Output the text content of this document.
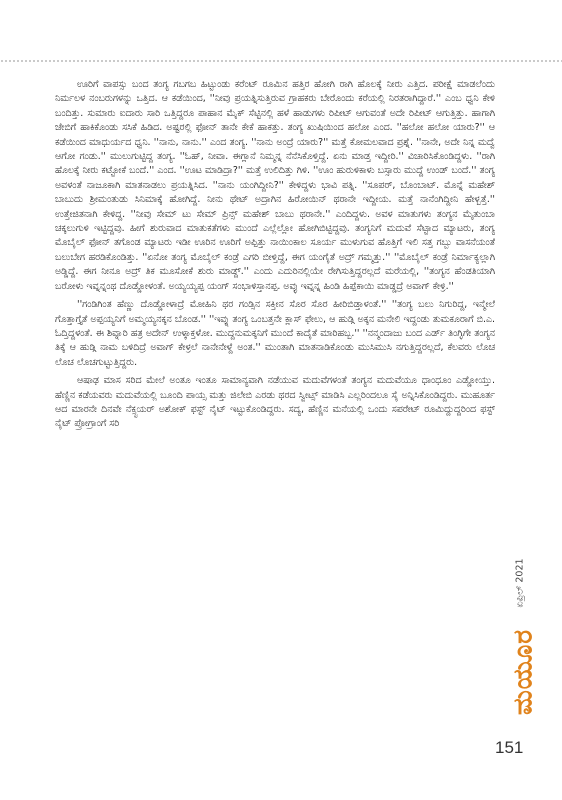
ಊರಿಗೆ ವಾಪಸ್ಸು ಬಂದ ತಂಗ್ಯ ಗಬಗಬ ಹಿಟ್ಟುಂಡು ಕರೆಂಟ್ ರೂಮಿನ ಹತ್ತಿರ ಹೋಗಿ ರಾಗಿ ಹೊಲಕ್ಕೆ ನೀರು ಎತ್ತಿದ. ಪರೀಕ್ಷೆ ಮಾಡಲೆಂದು ನಿರ್ಮಲಳ ನಂಬರುಗಳನ್ನು ಒತ್ತಿದ. ಆ ಕಡೆಯಿಂದ, ''ನೀವು ಪ್ರಯತ್ನಿಸುತ್ತಿರುವ ಗ್ರಾಹಕರು ಬೇರೊಂದು ಕರೆಯಲ್ಲಿ ನಿರತರಾಗಿದ್ದಾರೆ.'' ಎಂಬ ಧ್ವನಿ ಕೇಳಿ ಬಂದಿತ್ತು. ಸುಮಾರು ಐದಾರು ಸಾರಿ ಒತ್ತಿದ್ದರೂ ಪಾಹಾನ ಮೈಕ್ ಸೆಟ್ಟಿನಲ್ಲಿ ಹಳೆ ಹಾಡುಗಳು ರಿಪೀಟ್ ಆಗುವಂತೆ ಅದೇ ರಿಪೀಟ್ ಆಗುತ್ತಿತ್ತು. ಹಾಗಾಗಿ ಜೇಬಿಗೆ ಹಾಕಿಕೊಂಡು ಸಸಿಕೆ ಹಿಡಿದ. ಅಷ್ಟರಲ್ಲಿ ಫೋನ್ ತಾನೇ ಕೇಕೆ ಹಾಕತ್ತು. ತಂಗ್ಯ ಖುಷಿಯಿಂದ ಹಲೋ ಎಂದ. ''ಹಲೋ ಹಲೋ ಯಾರು?'' ಆ ಕಡೆಯಿಂದ ಮಾಧುರ್ಯದ ಧ್ವನಿ. ''ನಾನು, ನಾನು.'' ಎಂದ ತಂಗ್ಯ. ''ನಾನು ಅಂದ್ರೆ ಯಾರು?'' ಮತ್ತೆ ಕೋಮಲವಾದ ಪ್ರಶ್ನೆ. ''ನಾನೇ, ಅದೇ ನಿನ್ನ ಮದ್ವೆ ಆಗೋ ಗಂಡು.'' ಮುಲುಗುಟ್ಟಿದ್ದ ತಂಗ್ಯ. ''ಓಹ್, ನೀವಾ. ಈಗ್ಲಾನೆ ನಿಮ್ಮನ್ನ ನೆನೆಸಿಕೊಳ್ತಿದ್ದೆ. ಏನು ಮಾಡ್ತ ಇದ್ದೀರಿ.'' ವಿಚಾರಿಸಿಕೊಂಡಿದ್ದಳು. ''ರಾಗಿ ಹೊಲಕ್ಕೆ ನೀರು ಕಟ್ಟೋಕೆ ಬಂದೆ.'' ಎಂದ. ''ಊಟ ಮಾಡಿದ್ರಾ?'' ಮತ್ತೆ ಉಲಿದಿತ್ತು ಗಿಳಿ. ''ಊಂ ಹುರುಳಿಕಾಳು ಬಸ್ಸಾರು ಮುದ್ದೆ ಉಂಡ್ ಬಂದೆ.'' ತಂಗ್ಯ ಅವಳಂತೆ ನಾಜೂಕಾಗಿ ಮಾತನಾಡಲು ಪ್ರಯತ್ನಿಸಿದ. ''ನಾನು ಯಂಗಿದ್ದೀನಿ?'' ಕೇಳಿದ್ದಳು ಭಾವಿ ಪತ್ನಿ. ''ಸೂಪರ್, ಬೊಂಬಾಟ್. ಮೊನ್ನೆ ಮಹೇಶ್ ಬಾಬುದು ಶ್ರೀಮಂತುಡು ಸಿನಿಮಾಕ್ಕೆ ಹೋಗಿದ್ದೆ. ನೀನು ಥೇಟ್ ಅದ್ರಾಗಿನ ಹಿರೋಯಿನ್ ಥರಾನೇ ಇದ್ದೀಯ. ಮತ್ತೆ ನಾನೆಂಗಿದ್ದೀನಿ ಹೇಳ್ಬತ್ತೆ.'' ಉತ್ತೇಜಿತನಾಗಿ ಕೇಳಿದ್ದ. ''ನೀವು ಸೇಮ್ ಟು ಸೇಮ್ ಪ್ರಿನ್ಸ್ ಮಹೇಶ್ ಬಾಬು ಥರಾನೇ.'' ಎಂದಿದ್ದಳು. ಅವಳ ಮಾತುಗಳು ತಂಗ್ಯನ ಮೈತುಂಬಾ ಚಕ್ಕಲುಗುಳಿ ಇಟ್ಟಿದ್ದವು. ಹೀಗೆ ಶುರುವಾದ ಮಾತುಕತೆಗಳು ಮುಂದೆ ಎಲ್ಲೆಲ್ಲೋ ಹೋಗಿಬಿಟ್ಟಿದ್ದವು. ತಂಗ್ಯನಿಗೆ ಮದುವೆ ಸೆಟ್ಟಾದ ಮ್ಯಾಟರು, ತಂಗ್ಯ ಮೊಬೈಲ್ ಫೋನ್ ತಗೊಂಡ ಮ್ಯಾಟರು ಇಡೀ ಊರಿನ ಊರಿಗೆ ಅಪ್ಪಿತ್ತು ನಾಯಿಂಕಾಲ ಸೂರ್ಯ ಮುಳುಗುವ ಹೊತ್ತಿಗೆ ಇಲಿ ಸತ್ತ ಗಬ್ಬು ವಾಸನೆಯಂತೆ ಬಲುಬೇಗ ಹರಡಿಕೊಂಡಿತ್ತು. ''ಏನೋ ತಂಗ್ಯ ಮೊಬೈಲ್ ಕಂಡ್ರೆ ಎಗರಿ ಬೀಳ್ತಿದ್ದೆ, ಈಗ ಯಂಗೈತೆ ಅದ್ರ್ ಗಮ್ಮತ್ತು.'' ''ಮೊಬೈಲ್ ಕಂಡ್ರೆ ನಿರ್ಮಾಕ್ಯಲ್ಲಾಗಿ ಅಡ್ಡಿದ್ದೆ. ಈಗ ನೀನೂ ಅದ್ರ್ ತಿಕ ಮೂಸೋಕೆ ಶುರು ಮಾಡ್ದ್.'' ಎಂದು ಎದುರಿನಲ್ಲಿಯೇ ರೇಗಿಸುತ್ತಿದ್ದರಲ್ಲದೆ ಮರೆಯಲ್ಲಿ, ''ತಂಗ್ಯನ ಹೆಂಡತಿಯಾಗಿ ಬರೋಳು ಇವ್ನನ್ನಂಥ ದೊಡ್ಡೋಳಂತೆ. ಅಯ್ಯಯ್ಯಪ್ಪ ಯಂಗ್ ಸಂಭಾಳಿಸ್ತಾನಪ್ಪ. ಅವ್ಳು ಇವ್ನನ್ನ ಹಿಂಡಿ ಹಿಪ್ಪೆಕಾಯಿ ಮಾಡ್ಡದ್ರೆ ಅವಾಗ್ ಕೇಳ್ರಿ.''

''ಗಂಡಿಗಿಂತ ಹೆಣ್ಣು ದೊಡ್ಡೋಳಾದ್ರೆ ಮೋಹಿನಿ ಥರ ಗಂಡ್ಸಿನ ಸಕ್ತೀನ ಸೊರ ಸೊರ ಹೀರಿಬಿಡ್ತಾಳಂತೆ.'' ''ತಂಗ್ಯ ಬಲು ನಿಗುರಿದ್ದ, ಇನ್ಮೇಲೆ ಗೊತ್ತಾಗ್ತೈತೆ ಅಪ್ಪಯ್ಯನಿಗೆ ಅಮ್ಮಯ್ಯನಕ್ಕನ ಬೊಂಡ.'' ''ಇವ್ನು ತಂಗ್ಯ ಒಂಬತ್ತನೇ ಕ್ಲಾಸ್ ಫೇಲು, ಆ ಹುಡ್ಗಿ ಅಕ್ಕನ ಮನೇಲಿ ಇದ್ದಂಡು ತುಮಕೂರಾಗೆ ಬಿ.ಎ. ಓದ್ತಿದ್ದಳಂತೆ. ಈ ಶಿವ್ನಾರಿ ಹತ್ರ ಅದೇನ್ ಉಳ್ಕಾಕ್ತಳೋ. ಮುದ್ದನುಮಕ್ಕನಿಗೆ ಮುಂದೆ ಕಾದೈತೆ ಮಾರಿಹಬ್ಬ.'' ''ನನ್ಮಂದಾಜು ಬಂದ ಎರ್ಡ್ ತಿಂಗ್ಳಿಗೇ ತಂಗ್ಯನ ತಿಕ್ಕೆ ಆ ಹುಡ್ಗಿ ನಾಮ ಬಳಿದಿದ್ರೆ ಅವಾಗ್ ಕೇಳ್ರಲೆ ನಾನೇನೇಳ್ದೆ ಅಂತ.'' ಮುಂತಾಗಿ ಮಾತನಾಡಿಕೊಂಡು ಮುಸಿಮುಸಿ ನಗುತ್ತಿದ್ದರಲ್ಲದೆ, ಕೆಲವರು ಲೊಚ ಲೊಚ ಲೊಚಗುಟ್ಟುತ್ತಿದ್ದರು.

ಆಷಾಢ ಮಾಸ ಸರಿದ ಮೇಲೆ ಅಂತೂ ಇಂತೂ ಸಾಮಾನ್ಯವಾಗಿ ನಡೆಯುವ ಮದುವೆಗಳಂತೆ ತಂಗ್ಯನ ಮದುವೆಯೂ ಧಾಂಧೂಂ ಎಡ್ಡೋಯ್ತು. ಹೆಣ್ಣಿನ ಕಡೆಯವರು ಮದುವೆಯಲ್ಲಿ ಬೂಂದಿ ಪಾಯ್ಸ ಮತ್ತು ಜಿಲೇಬಿ ಎರಡು ಥರದ ಸ್ವೀಟ್ಸ್ ಮಾಡಿಸಿ ಎಲ್ಲರಿಂದಲೂ ಸೈ ಅನ್ನಿಸಿಕೊಂಡಿದ್ದರು. ಮುಹೂರ್ತ ಆದ ಮಾರನೇ ದಿನವೇ ನೆಕ್ಸ್ಟಯರ್ ಅಶೋಕ್ ಫಸ್ಟ್ ನೈಟ್ ಇಟ್ಟುಕೊಂಡಿದ್ದರು. ಸದ್ಯ, ಹೆಣ್ಣಿನ ಮನೆಯಲ್ಲಿ ಒಂದು ಸಪರೇಟ್ ರೂಮಿದ್ದುದ್ದರಿಂದ ಫಸ್ಟ್ ನೈಟ್ ಪ್ರೋಗ್ರಾಂಗೆ ಸರಿ

ಏಪ್ರಿಲ್ 2021
ಮಯೂರ
151
